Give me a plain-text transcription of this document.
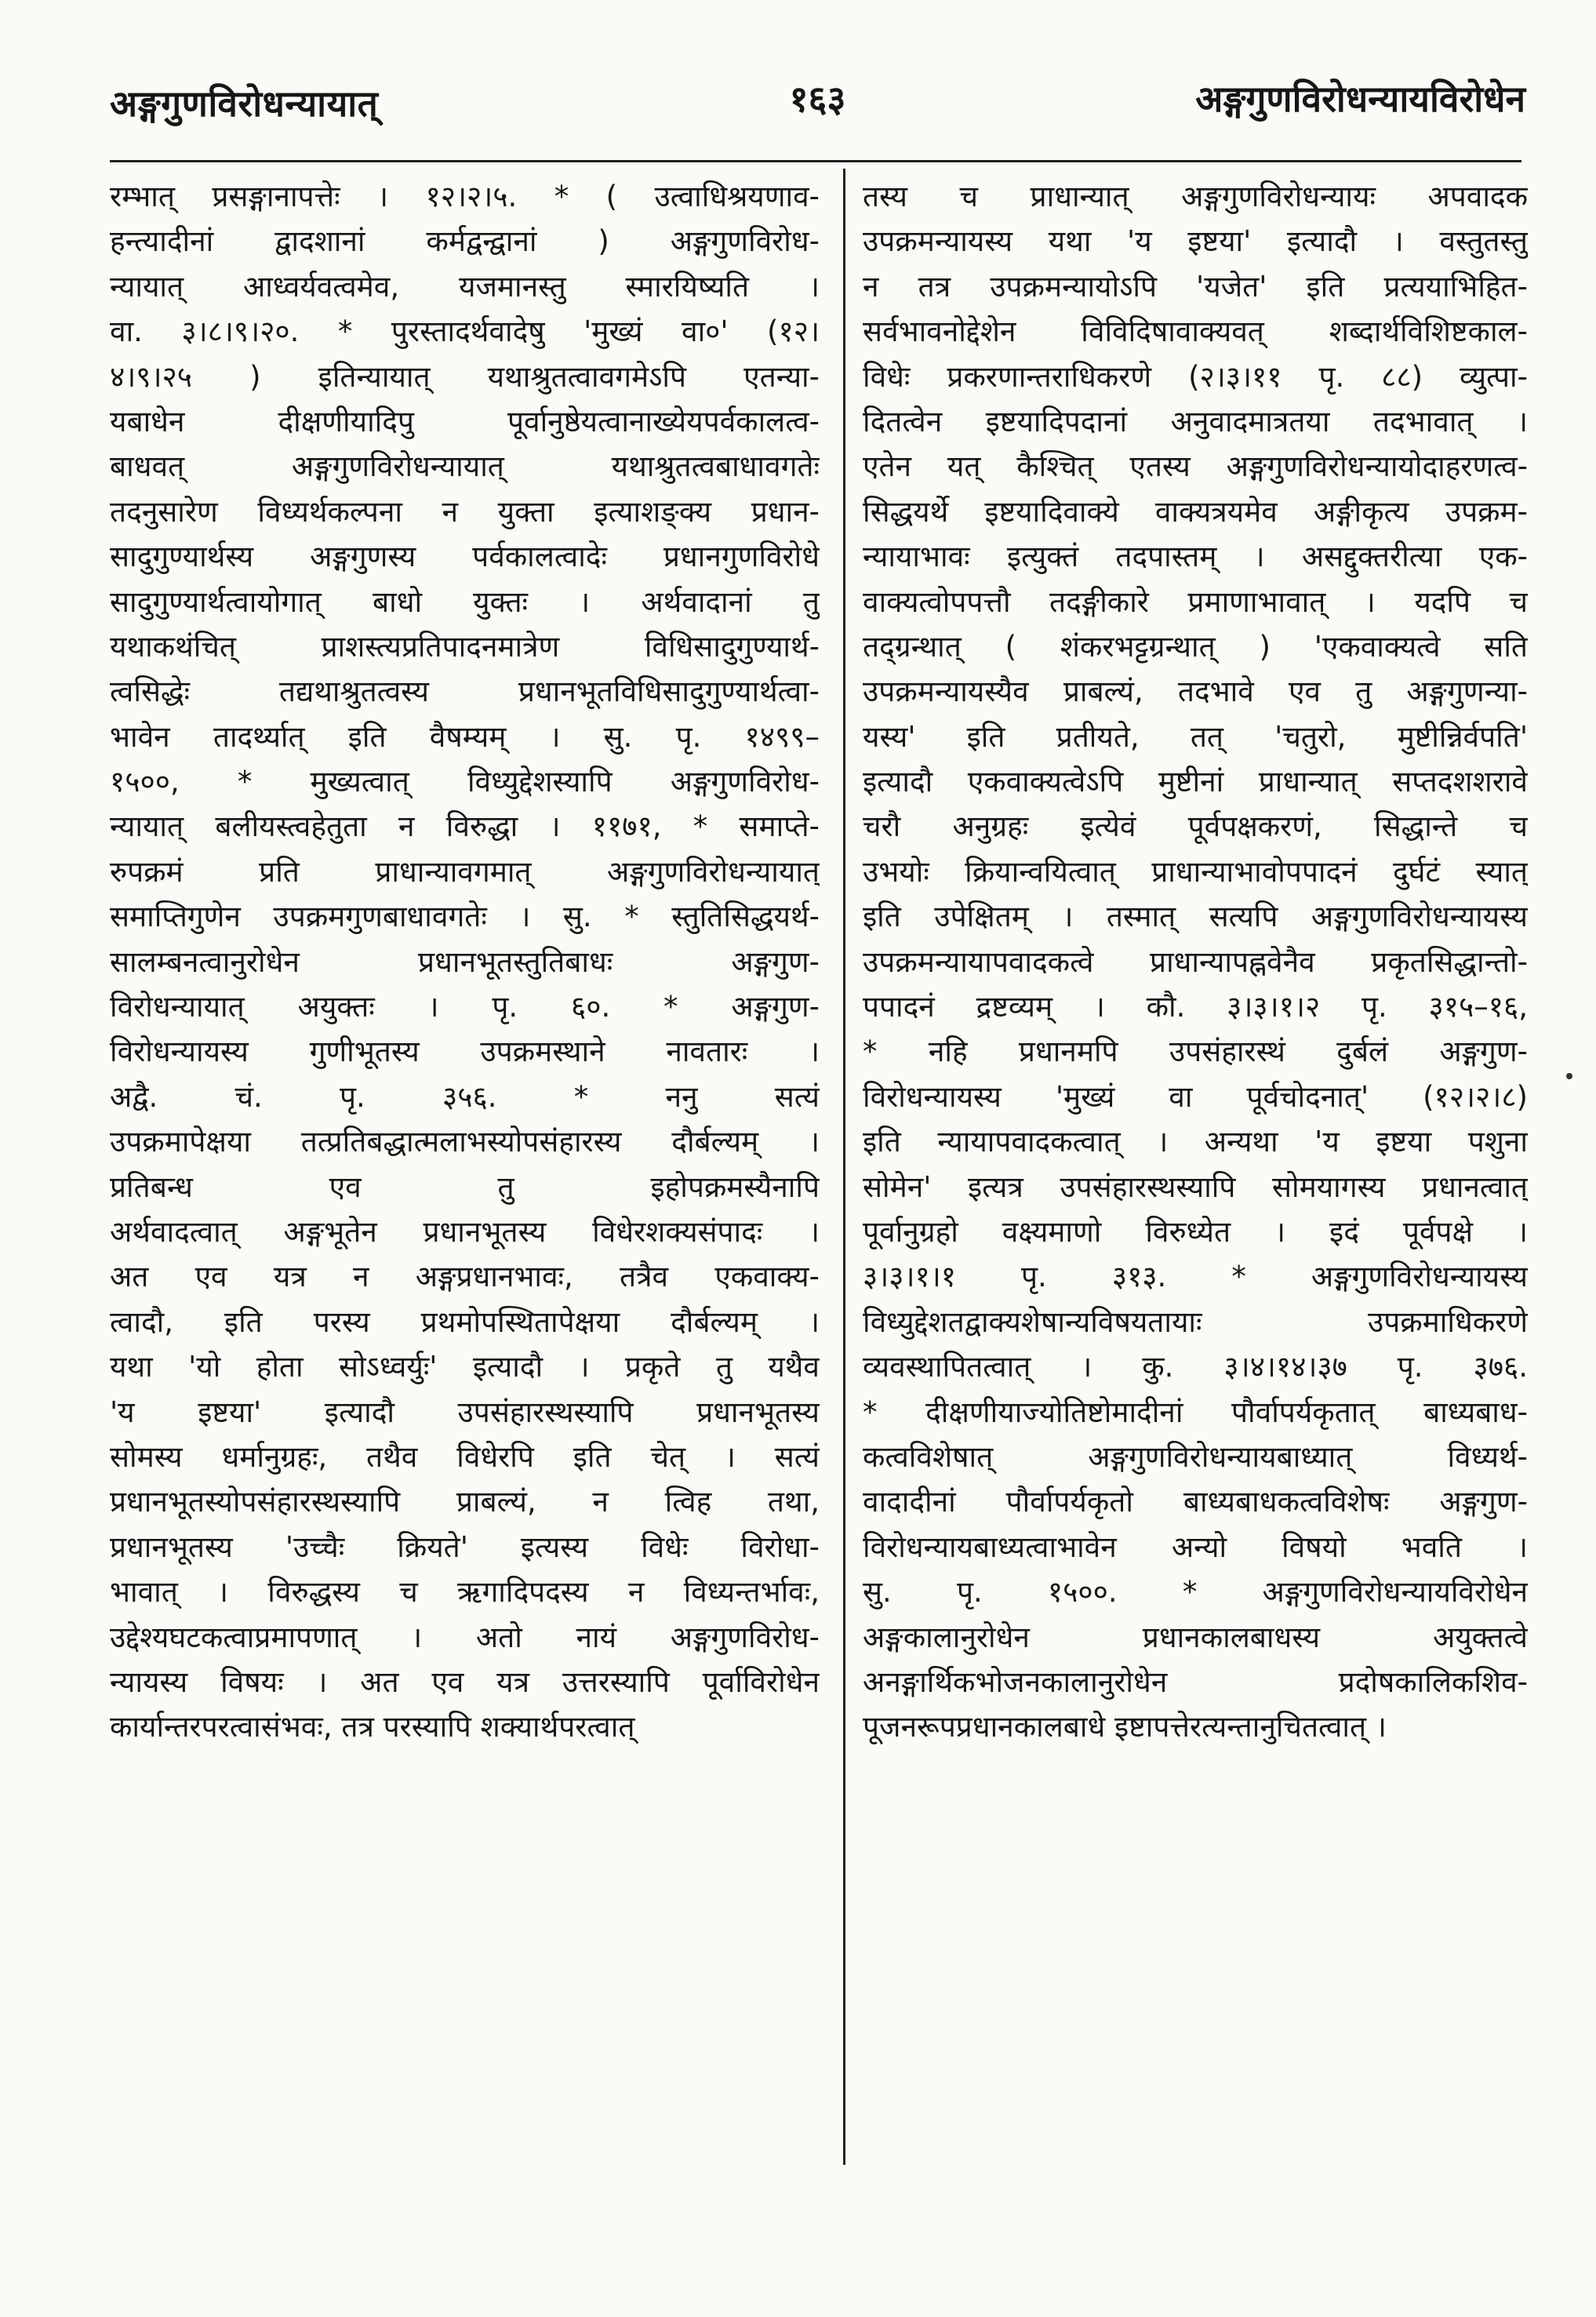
१६३
अङ्गगुणविरोधन्यायात्	अङ्गगुणविरोधन्यायविरोधेन
रम्भात् प्रसङ्गानापत्तेः । १२।२।५. * ( उत्वाधिश्रयणाव-
हन्त्यादीनां द्वादशानां कर्मद्वन्द्वानां ) अङ्गगुणविरोध-
न्यायात् आध्वर्यवत्वमेव, यजमानस्तु स्मारयिष्यति ।
वा. ३।८।९।२०. * पुरस्तादर्थवादेषु 'मुख्यं वा०' (१२।
४।९।२५ ) इतिन्यायात् यथाश्रुतत्वावगमेऽपि एतन्या-
यबाधेन दीक्षणीयादिपु पूर्वानुष्ठेयत्वानाख्येयपर्वकालत्व-
बाधवत् अङ्गगुणविरोधन्यायात् यथाश्रुतत्वबाधावगतेः
तदनुसारेण विध्यर्थकल्पना न युक्ता इत्याशङ्क्य प्रधान-
सादुगुण्यार्थस्य अङ्गगुणस्य पर्वकालत्वादेः प्रधानगुणविरोधे
सादुगुण्यार्थत्वायोगात् बाधो युक्तः । अर्थवादानां तु
यथाकथंचित् प्राशस्त्यप्रतिपादनमात्रेण विधिसादुगुण्यार्थ-
त्वसिद्धेः तद्यथाश्रुतत्वस्य प्रधानभूतविधिसादुगुण्यार्थत्वा-
भावेन तादर्थ्यात् इति वैषम्यम् । सु. पृ. १४९९–
१५००, * मुख्यत्वात् विध्युद्देशस्यापि अङ्गगुणविरोध-
न्यायात् बलीयस्त्वहेतुता न विरुद्धा । ११७१, * समाप्ते-
रुपक्रमं प्रति प्राधान्यावगमात् अङ्गगुणविरोधन्यायात्
समाप्तिगुणेन उपक्रमगुणबाधावगतेः । सु. * स्तुतिसिद्धयर्थ-
सालम्बनत्वानुरोधेन प्रधानभूतस्तुतिबाधः अङ्गगुण-
विरोधन्यायात् अयुक्तः । पृ. ६०. * अङ्गगुण-
विरोधन्यायस्य गुणीभूतस्य उपक्रमस्थाने नावतारः ।
अद्वै. चं. पृ. ३५६. * ननु सत्यं
उपक्रमापेक्षया तत्प्रतिबद्धात्मलाभस्योपसंहारस्य दौर्बल्यम् ।
प्रतिबन्ध एव तु इहोपक्रमस्यैनापि
अर्थवादत्वात् अङ्गभूतेन प्रधानभूतस्य विधेरशक्यसंपादः ।
अत एव यत्र न अङ्गप्रधानभावः, तत्रैव एकवाक्य-
त्वादौ, इति परस्य प्रथमोपस्थितापेक्षया दौर्बल्यम् ।
यथा 'यो होता सोऽध्वर्युः' इत्यादौ । प्रकृते तु यथैव
'य इष्टया' इत्यादौ उपसंहारस्थस्यापि प्रधानभूतस्य
सोमस्य धर्मानुग्रहः, तथैव विधेरपि इति चेत् । सत्यं
प्रधानभूतस्योपसंहारस्थस्यापि प्राबल्यं, न त्विह तथा,
प्रधानभूतस्य 'उच्चैः क्रियते' इत्यस्य विधेः विरोधा-
भावात् । विरुद्धस्य च ऋगादिपदस्य न विध्यन्तर्भावः,
उद्देश्यघटकत्वाप्रमापणात् । अतो नायं अङ्गगुणविरोध-
न्यायस्य विषयः । अत एव यत्र उत्तरस्यापि पूर्वाविरोधेन
कार्यान्तरपरत्वासंभवः, तत्र परस्यापि शक्यार्थपरत्वात्
तस्य च प्राधान्यात् अङ्गगुणविरोधन्यायः अपवादक
उपक्रमन्यायस्य यथा 'य इष्टया' इत्यादौ । वस्तुतस्तु
न तत्र उपक्रमन्यायोऽपि 'यजेत' इति प्रत्ययाभिहित-
सर्वभावनोद्देशेन विविदिषावाक्यवत् शब्दार्थविशिष्टकाल-
विधेः प्रकरणान्तराधिकरणे (२।३।११ पृ. ८८) व्युत्पा-
दितत्वेन इष्टयादिपदानां अनुवादमात्रतया तदभावात् ।
एतेन यत् कैश्चित् एतस्य अङ्गगुणविरोधन्यायोदाहरणत्व-
सिद्धयर्थे इष्टयादिवाक्ये वाक्यत्रयमेव अङ्गीकृत्य उपक्रम-
न्यायाभावः इत्युक्तं तदपास्तम् । असद्दुक्तरीत्या एक-
वाक्यत्वोपपत्तौ तदङ्गीकारे प्रमाणाभावात् । यदपि च
तद्ग्रन्थात् ( शंकरभट्टग्रन्थात् ) 'एकवाक्यत्वे सति
उपक्रमन्यायस्यैव प्राबल्यं, तदभावे एव तु अङ्गगुणन्या-
यस्य' इति प्रतीयते, तत् 'चतुरो, मुष्टीन्निर्वपति'
इत्यादौ एकवाक्यत्वेऽपि मुष्टीनां प्राधान्यात् सप्तदशशरावे
चरौ अनुग्रहः इत्येवं पूर्वपक्षकरणं, सिद्धान्ते च
उभयोः क्रियान्वयित्वात् प्राधान्याभावोपपादनं दुर्घटं स्यात्
इति उपेक्षितम् । तस्मात् सत्यपि अङ्गगुणविरोधन्यायस्य
उपक्रमन्यायापवादकत्वे प्राधान्यापह्नवेनैव प्रकृतसिद्धान्तो-
पपादनं द्रष्टव्यम् । कौ. ३।३।१।२ पृ. ३१५–१६,
* नहि प्रधानमपि उपसंहारस्थं दुर्बलं अङ्गगुण-
विरोधन्यायस्य 'मुख्यं वा पूर्वचोदनात्' (१२।२।८)
इति न्यायापवादकत्वात् । अन्यथा 'य इष्टया पशुना
सोमेन' इत्यत्र उपसंहारस्थस्यापि सोमयागस्य प्रधानत्वात्
पूर्वानुग्रहो वक्ष्यमाणो विरुध्येत । इदं पूर्वपक्षे ।
३।३।१।१ पृ. ३१३. * अङ्गगुणविरोधन्यायस्य
विध्युद्देशतद्वाक्यशेषान्यविषयतायाः उपक्रमाधिकरणे
व्यवस्थापितत्वात् । कु. ३।४।१४।३७ पृ. ३७६.
* दीक्षणीयाज्योतिष्टोमादीनां पौर्वापर्यकृतात् बाध्यबाध-
कत्वविशेषात् अङ्गगुणविरोधन्यायबाध्यात् विध्यर्थ-
वादादीनां पौर्वापर्यकृतो बाध्यबाधकत्वविशेषः अङ्गगुण-
विरोधन्यायबाध्यत्वाभावेन अन्यो विषयो भवति ।
सु. पृ. १५००. * अङ्गगुणविरोधन्यायविरोधेन
अङ्गकालानुरोधेन प्रधानकालबाधस्य अयुक्तत्वे
अनङ्गार्थिकभोजनकालानुरोधेन प्रदोषकालिकशिव-
पूजनरूपप्रधानकालबाधे इष्टापत्तेरत्यन्तानुचितत्वात् ।
